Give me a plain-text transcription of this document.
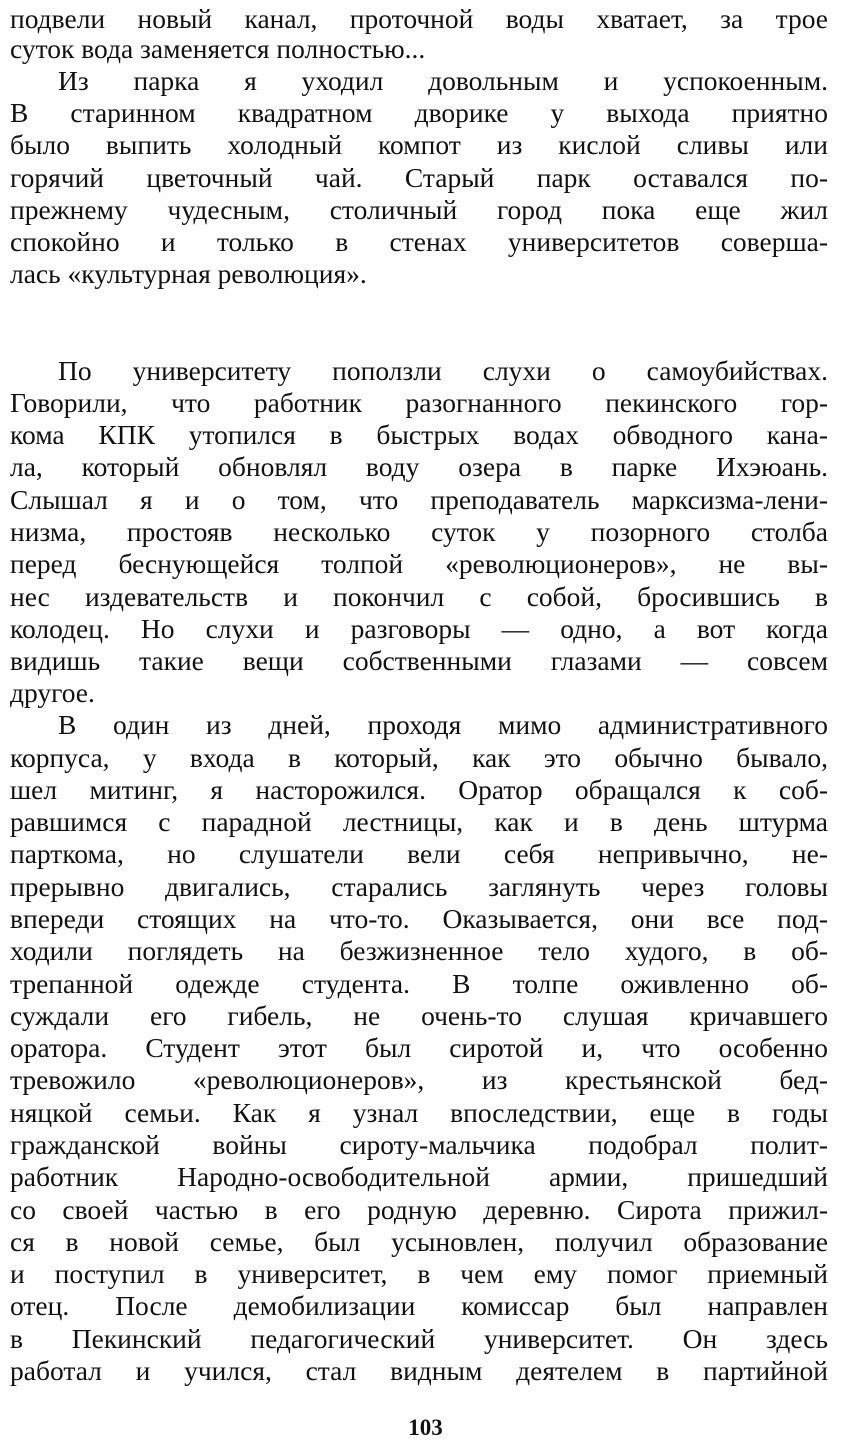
подвели новый канал, проточной воды хватает, за трое
суток вода заменяется полностью...
Из парка я уходил довольным и успокоенным.
В старинном квадратном дворике у выхода приятно
было выпить холодный компот из кислой сливы или
горячий цветочный чай. Старый парк оставался по-
прежнему чудесным, столичный город пока еще жил
спокойно и только в стенах университетов соверша-
лась «культурная революция».
По университету поползли слухи о самоубийствах.
Говорили, что работник разогнанного пекинского гор-
кома КПК утопился в быстрых водах обводного кана-
ла, который обновлял воду озера в парке Ихэюань.
Слышал я и о том, что преподаватель марксизма-лени-
низма, простояв несколько суток у позорного столба
перед беснующейся толпой «революционеров», не вы-
нес издевательств и покончил с собой, бросившись в
колодец. Но слухи и разговоры — одно, а вот когда
видишь такие вещи собственными глазами — совсем
другое.
В один из дней, проходя мимо административного
корпуса, у входа в который, как это обычно бывало,
шел митинг, я насторожился. Оратор обращался к соб-
равшимся с парадной лестницы, как и в день штурма
парткома, но слушатели вели себя непривычно, не-
прерывно двигались, старались заглянуть через головы
впереди стоящих на что-то. Оказывается, они все под-
ходили поглядеть на безжизненное тело худого, в об-
трепанной одежде студента. В толпе оживленно об-
суждали его гибель, не очень-то слушая кричавшего
оратора. Студент этот был сиротой и, что особенно
тревожило «революционеров», из крестьянской бед-
няцкой семьи. Как я узнал впоследствии, еще в годы
гражданской войны сироту-мальчика подобрал полит-
работник Народно-освободительной армии, пришедший
со своей частью в его родную деревню. Сирота прижил-
ся в новой семье, был усыновлен, получил образование
и поступил в университет, в чем ему помог приемный
отец. После демобилизации комиссар был направлен
в Пекинский педагогический университет. Он здесь
работал и учился, стал видным деятелем в партийной
103
